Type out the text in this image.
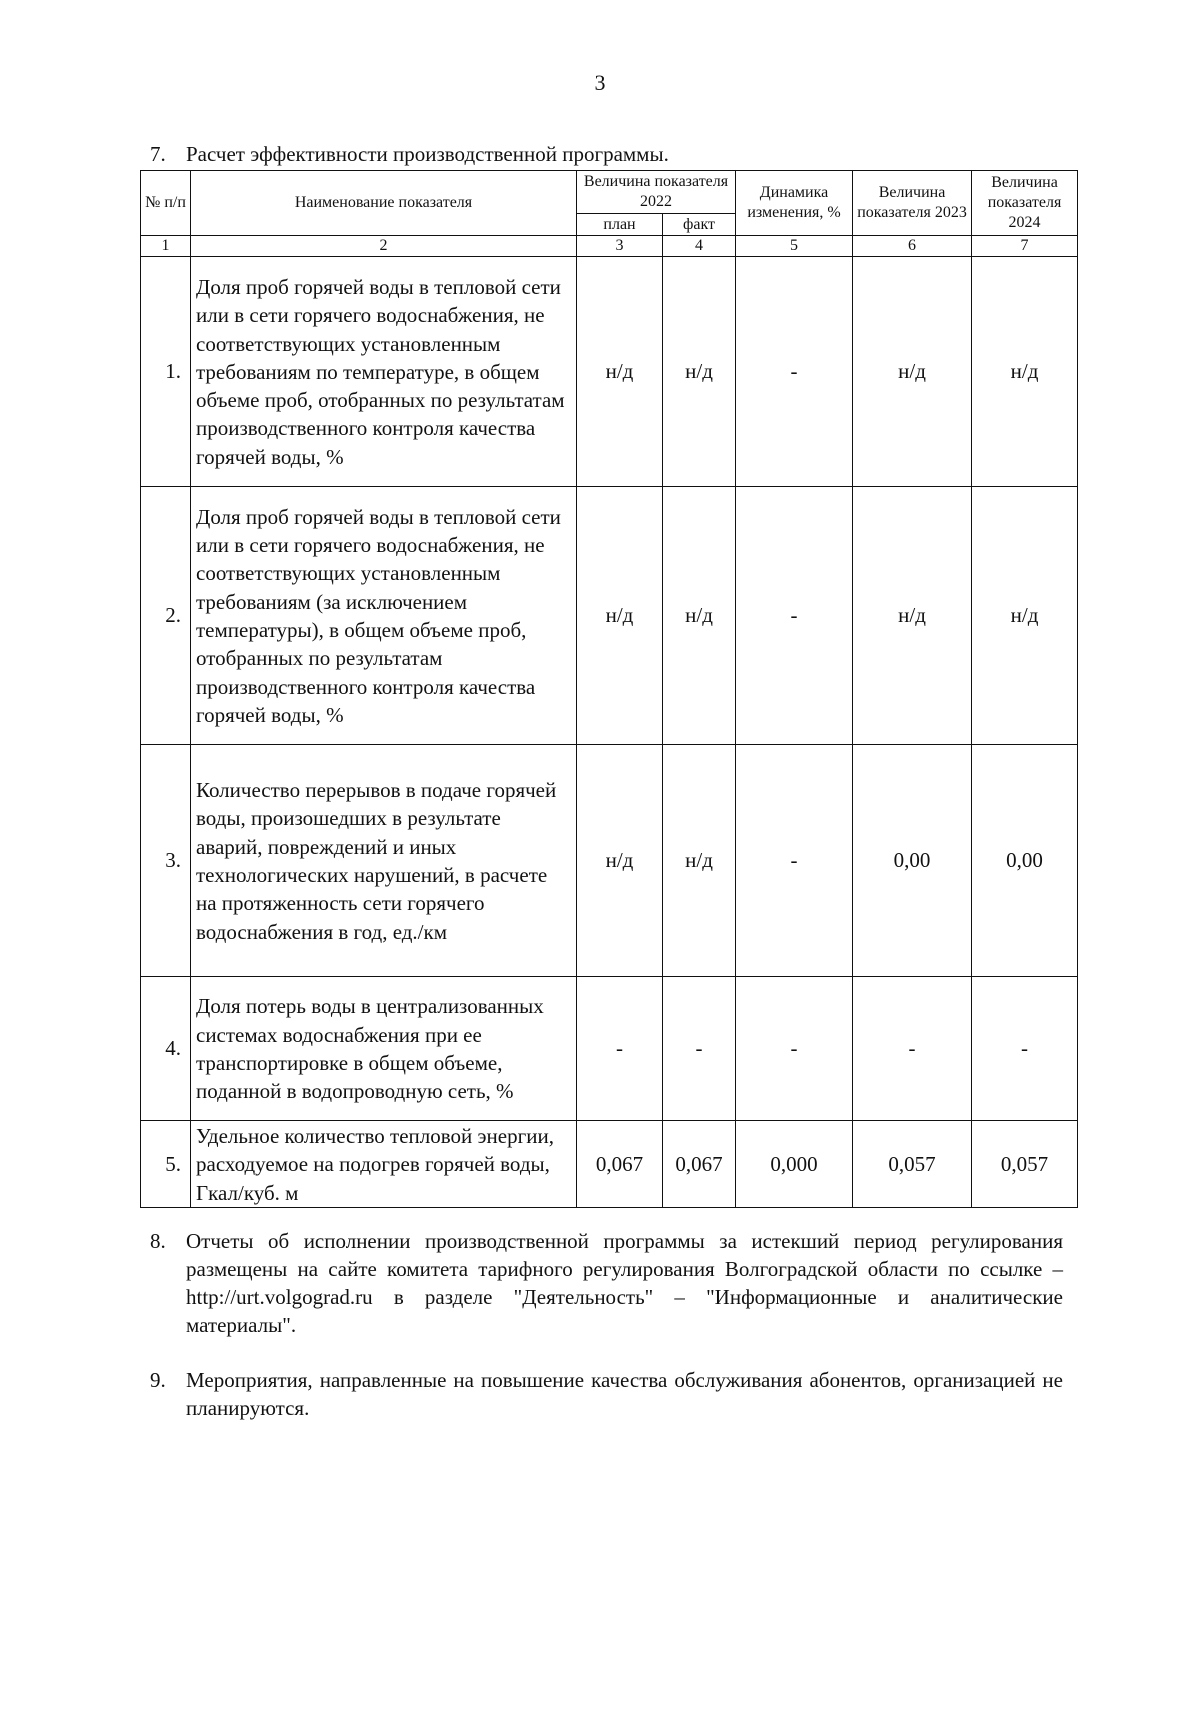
3
7. Расчет эффективности производственной программы.
№ п/п	Наименование показателя	Величина показателя 2022		Динамика изменения, %	Величина показателя 2023	Величина показателя 2024
		план	факт			
1	2	3	4	5	6	7
1.	Доля проб горячей воды в тепловой сети или в сети горячего водоснабжения, не соответствующих установленным требованиям по температуре, в общем объеме проб, отобранных по результатам производственного контроля качества горячей воды, %	н/д	н/д	-	н/д	н/д
2.	Доля проб горячей воды в тепловой сети или в сети горячего водоснабжения, не соответствующих установленным требованиям (за исключением температуры), в общем объеме проб, отобранных по результатам производственного контроля качества горячей воды, %	н/д	н/д	-	н/д	н/д
3.	Количество перерывов в подаче горячей воды, произошедших в результате аварий, повреждений и иных технологических нарушений, в расчете на протяженность сети горячего водоснабжения в год, ед./км	н/д	н/д	-	0,00	0,00
4.	Доля потерь воды в централизованных системах водоснабжения при ее транспортировке в общем объеме, поданной в водопроводную сеть, %	-	-	-	-	-
5.	Удельное количество тепловой энергии, расходуемое на подогрев горячей воды, Гкал/куб. м	0,067	0,067	0,000	0,057	0,057
8. Отчеты об исполнении производственной программы за истекший период регулирования размещены на сайте комитета тарифного регулирования Волгоградской области по ссылке – http://urt.volgograd.ru в разделе "Деятельность" – "Информационные и аналитические материалы".
9. Мероприятия, направленные на повышение качества обслуживания абонентов, организацией не планируются.
